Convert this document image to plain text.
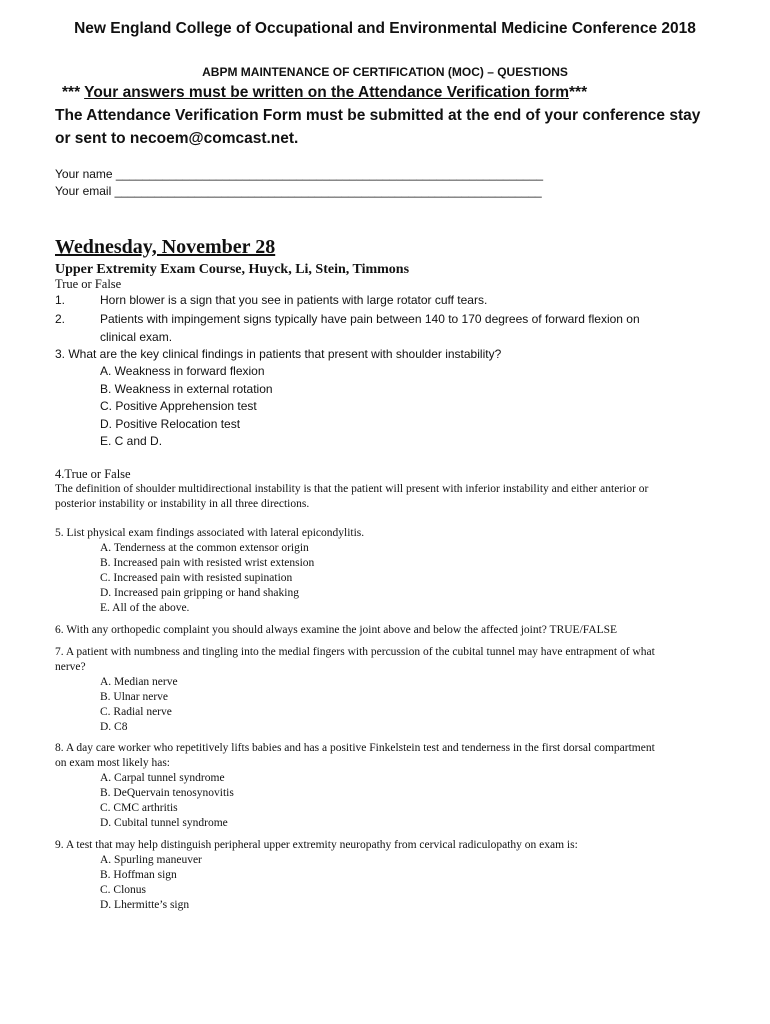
New England College of Occupational and Environmental Medicine Conference 2018
ABPM MAINTENANCE OF CERTIFICATION (MOC) – QUESTIONS
*** Your answers must be written on the Attendance Verification form***
The Attendance Verification Form must be submitted at the end of your conference stay
or sent to necoem@comcast.net.
Your name ________________________________________________________________
Your email ________________________________________________________________
Wednesday, November 28
Upper Extremity Exam Course, Huyck, Li, Stein, Timmons
True or False
1.	Horn blower is a sign that you see in patients with large rotator cuff tears.
2.	Patients with impingement signs typically have pain between 140 to 170 degrees of forward flexion on
clinical exam.
3. What are the key clinical findings in patients that present with shoulder instability?
A. Weakness in forward flexion
B. Weakness in external rotation
C. Positive Apprehension test
D. Positive Relocation test
E. C and D.
4.True or False
The definition of shoulder multidirectional instability is that the patient will present with inferior instability and either anterior or
posterior instability or instability in all three directions.
5. List physical exam findings associated with lateral epicondylitis.
A. Tenderness at the common extensor origin
B. Increased pain with resisted wrist extension
C. Increased pain with resisted supination
D. Increased pain gripping or hand shaking
E. All of the above.
6. With any orthopedic complaint you should always examine the joint above and below the affected joint? TRUE/FALSE
7. A patient with numbness and tingling into the medial fingers with percussion of the cubital tunnel may have entrapment of what
nerve?
A. Median nerve
B. Ulnar nerve
C. Radial nerve
D. C8
8. A day care worker who repetitively lifts babies and has a positive Finkelstein test and tenderness in the first dorsal compartment
on exam most likely has:
A. Carpal tunnel syndrome
B. DeQuervain tenosynovitis
C. CMC arthritis
D. Cubital tunnel syndrome
9. A test that may help distinguish peripheral upper extremity neuropathy from cervical radiculopathy on exam is:
A. Spurling maneuver
B. Hoffman sign
C. Clonus
D. Lhermitte’s sign
